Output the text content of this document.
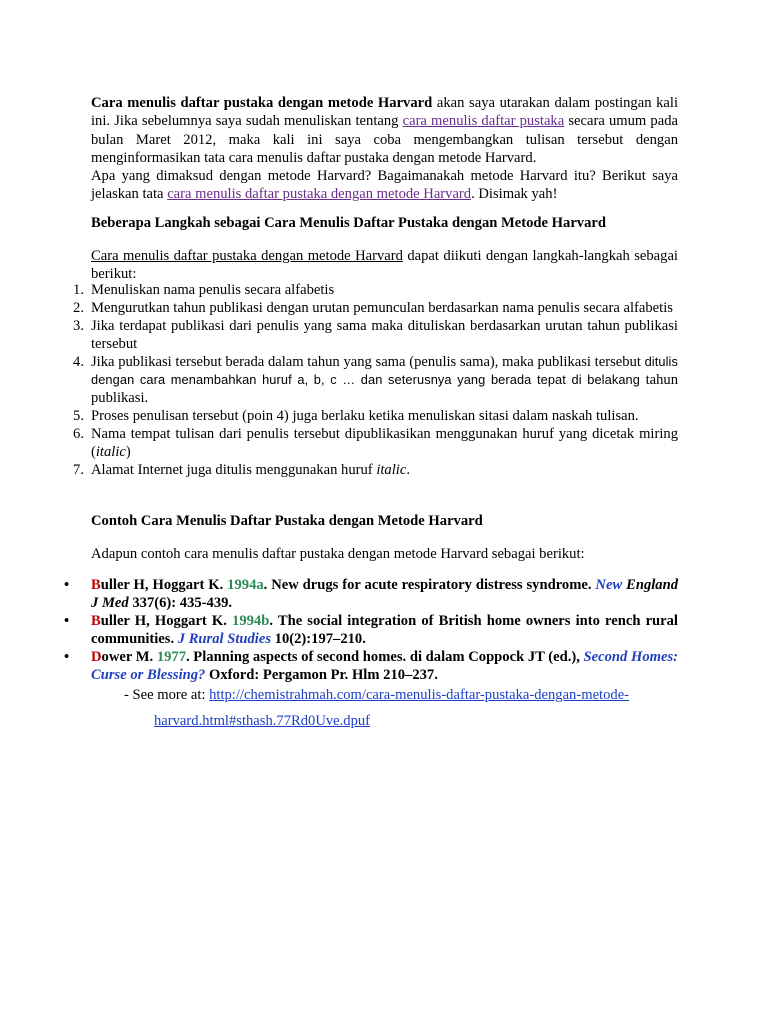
Cara menulis daftar pustaka dengan metode Harvard akan saya utarakan dalam postingan kali ini. Jika sebelumnya saya sudah menuliskan tentang cara menulis daftar pustaka secara umum pada bulan Maret 2012, maka kali ini saya coba mengembangkan tulisan tersebut dengan menginformasikan tata cara menulis daftar pustaka dengan metode Harvard.
Apa yang dimaksud dengan metode Harvard? Bagaimanakah metode Harvard itu? Berikut saya jelaskan tata cara menulis daftar pustaka dengan metode Harvard. Disimak yah!
Beberapa Langkah sebagai Cara Menulis Daftar Pustaka dengan Metode Harvard
Cara menulis daftar pustaka dengan metode Harvard dapat diikuti dengan langkah-langkah sebagai berikut:
1. Menuliskan nama penulis secara alfabetis
2. Mengurutkan tahun publikasi dengan urutan pemunculan berdasarkan nama penulis secara alfabetis
3. Jika terdapat publikasi dari penulis yang sama maka dituliskan berdasarkan urutan tahun publikasi tersebut
4. Jika publikasi tersebut berada dalam tahun yang sama (penulis sama), maka publikasi tersebut ditulis dengan cara menambahkan huruf a, b, c … dan seterusnya yang berada tepat di belakang tahun publikasi.
5. Proses penulisan tersebut (poin 4) juga berlaku ketika menuliskan sitasi dalam naskah tulisan.
6. Nama tempat tulisan dari penulis tersebut dipublikasikan menggunakan huruf yang dicetak miring (italic)
7. Alamat Internet juga ditulis menggunakan huruf italic.
Contoh Cara Menulis Daftar Pustaka dengan Metode Harvard
Adapun contoh cara menulis daftar pustaka dengan metode Harvard sebagai berikut:
• Buller H, Hoggart K. 1994a. New drugs for acute respiratory distress syndrome. New England J Med 337(6): 435-439.
• Buller H, Hoggart K. 1994b. The social integration of British home owners into rench rural communities. J Rural Studies 10(2):197–210.
• Dower M. 1977. Planning aspects of second homes. di dalam Coppock JT (ed.), Second Homes: Curse or Blessing? Oxford: Pergamon Pr. Hlm 210–237.
- See more at: http://chemistrahmah.com/cara-menulis-daftar-pustaka-dengan-metode-
harvard.html#sthash.77Rd0Uve.dpuf
